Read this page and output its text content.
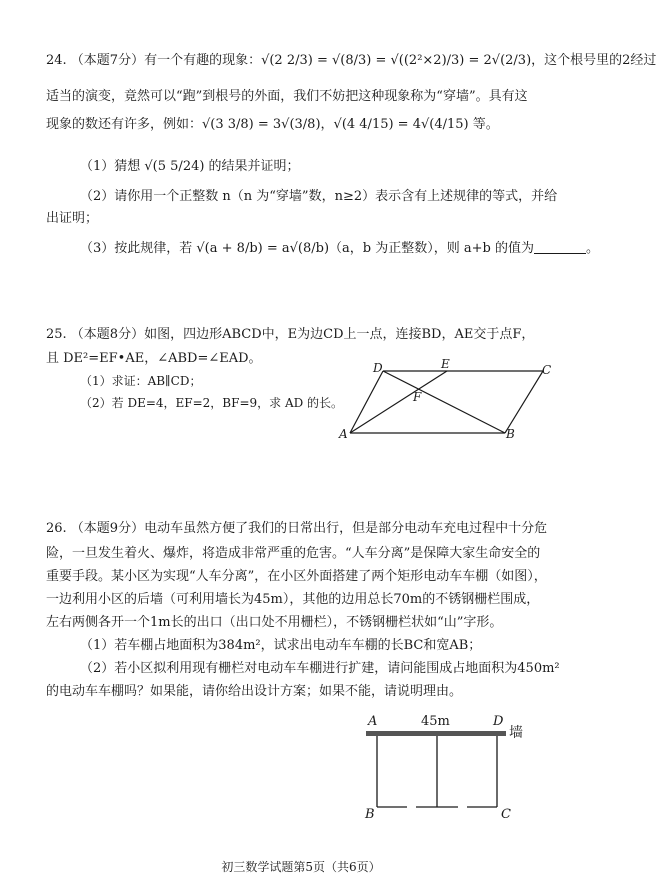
24. （本题7分）有一个有趣的现象：√(2 2/3) = √(8/3) = √((2²×2)/3) = 2√(2/3)，这个根号里的2经过
适当的演变，竟然可以“跑”到根号的外面，我们不妨把这种现象称为“穿墙”。具有这
现象的数还有许多，例如：√(3 3/8) = 3√(3/8)，√(4 4/15) = 4√(4/15) 等。
（1）猜想 √(5 5/24) 的结果并证明；
（2）请你用一个正整数 n（n 为“穿墙”数，n≥2）表示含有上述规律的等式，并给
出证明；
（3）按此规律，若 √(a + 8/b) = a√(8/b)（a，b 为正整数），则 a+b 的值为	。
25. （本题8分）如图，四边形ABCD中，E为边CD上一点，连接BD，AE交于点F，
且 DE²=EF•AE，∠ABD=∠EAD。
（1）求证：AB∥CD；
（2）若 DE=4，EF=2，BF=9，求 AD 的长。
D	E	C
F
A	B
26. （本题9分）电动车虽然方便了我们的日常出行，但是部分电动车充电过程中十分危
险，一旦发生着火、爆炸，将造成非常严重的危害。“人车分离”是保障大家生命安全的
重要手段。某小区为实现“人车分离”，在小区外面搭建了两个矩形电动车车棚（如图），
一边利用小区的后墙（可利用墙长为45m），其他的边用总长70m的不锈钢栅栏围成，
左右两侧各开一个1m长的出口（出口处不用栅栏），不锈钢栅栏状如“山”字形。
（1）若车棚占地面积为384m²，试求出电动车车棚的长BC和宽AB；
（2）若小区拟利用现有栅栏对电动车车棚进行扩建，请问能围成占地面积为450m²
的电动车车棚吗？如果能，请你给出设计方案；如果不能，请说明理由。
A	45m	D
墙
B	C
初三数学试题第5页（共6页）
